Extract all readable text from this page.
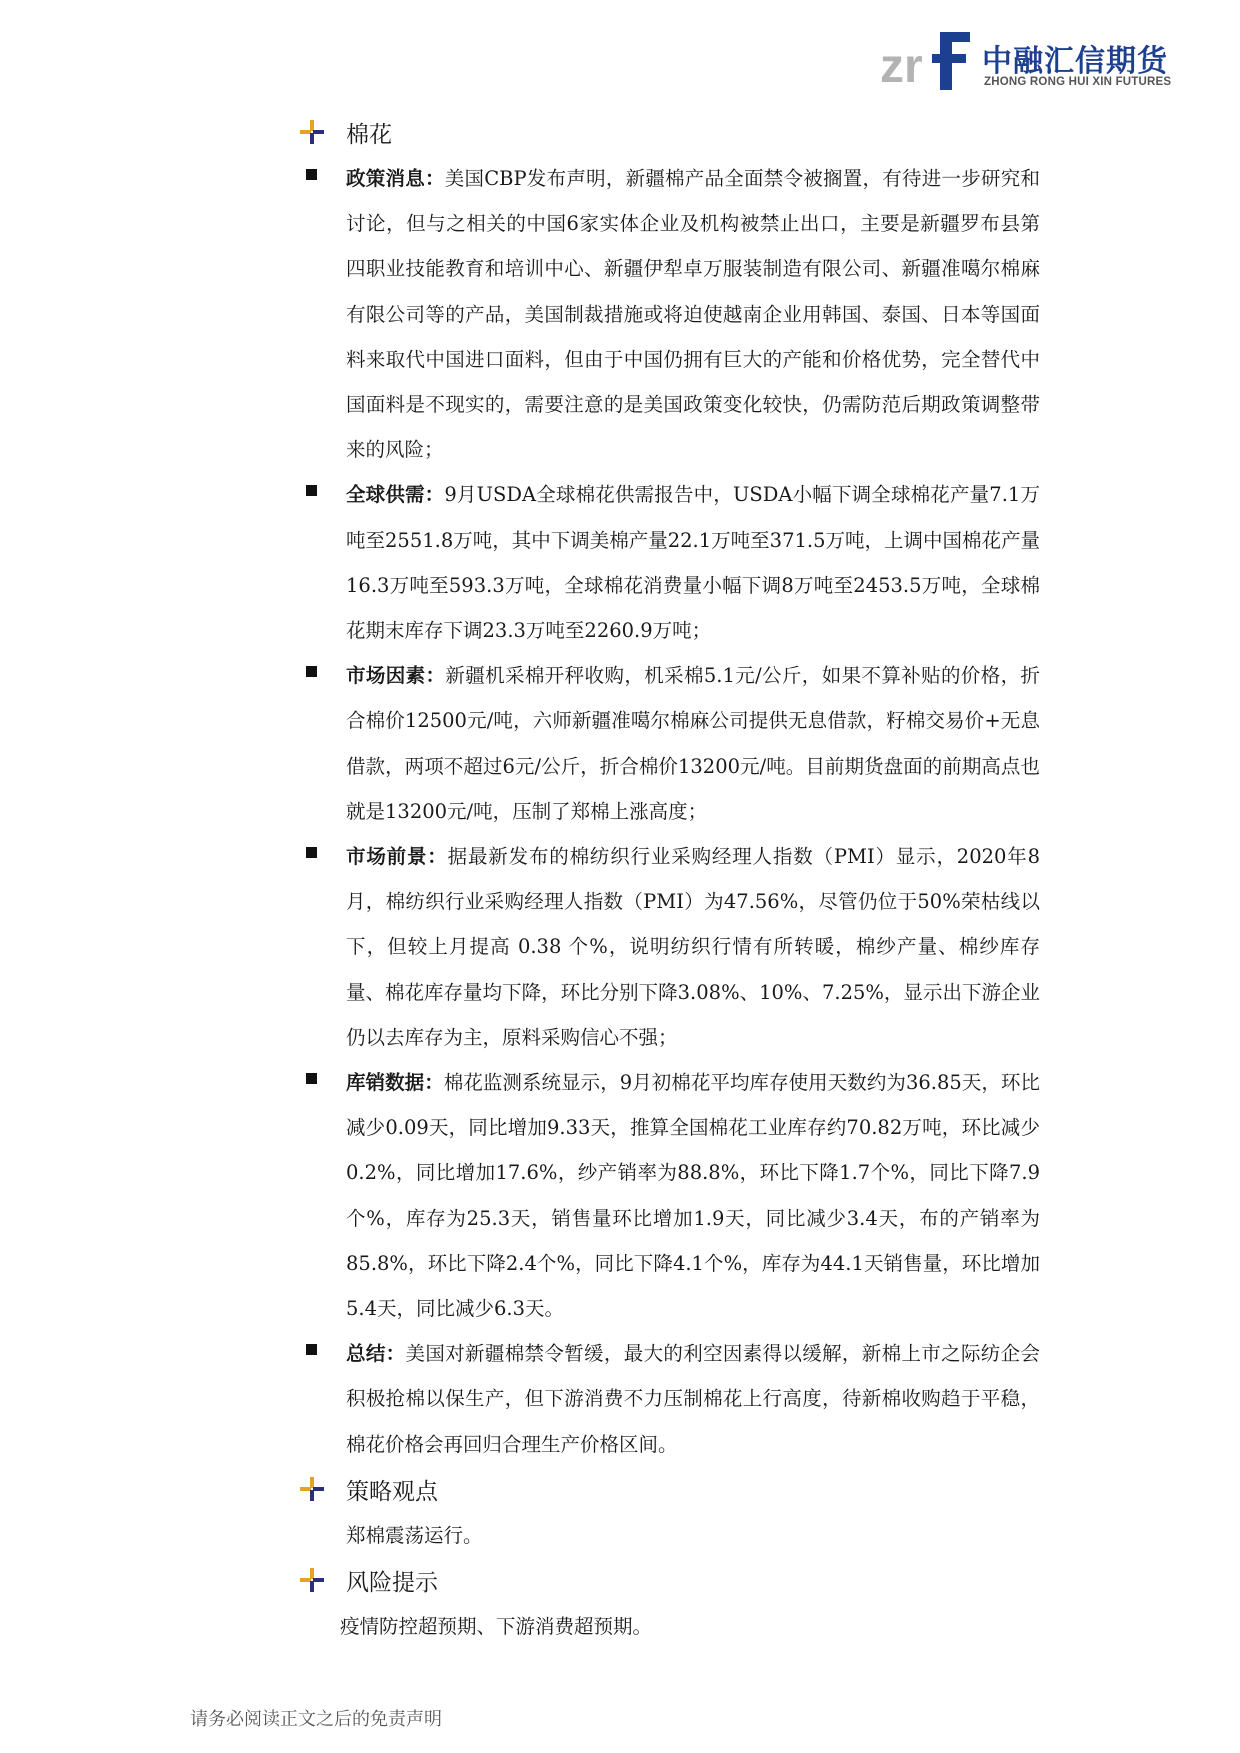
zr 中融汇信期货
ZHONG RONG HUI XIN FUTURES
棉花

政策消息：美国CBP发布声明，新疆棉产品全面禁令被搁置，有待进一步研究和讨论，但与之相关的中国6家实体企业及机构被禁止出口，主要是新疆罗布县第四职业技能教育和培训中心、新疆伊犁卓万服装制造有限公司、新疆准噶尔棉麻有限公司等的产品，美国制裁措施或将迫使越南企业用韩国、泰国、日本等国面料来取代中国进口面料，但由于中国仍拥有巨大的产能和价格优势，完全替代中国面料是不现实的，需要注意的是美国政策变化较快，仍需防范后期政策调整带来的风险；

全球供需：9月USDA全球棉花供需报告中，USDA小幅下调全球棉花产量7.1万吨至2551.8万吨，其中下调美棉产量22.1万吨至371.5万吨，上调中国棉花产量16.3万吨至593.3万吨，全球棉花消费量小幅下调8万吨至2453.5万吨，全球棉花期末库存下调23.3万吨至2260.9万吨；

市场因素：新疆机采棉开秤收购，机采棉5.1元/公斤，如果不算补贴的价格，折合棉价12500元/吨，六师新疆准噶尔棉麻公司提供无息借款，籽棉交易价+无息借款，两项不超过6元/公斤，折合棉价13200元/吨。目前期货盘面的前期高点也就是13200元/吨，压制了郑棉上涨高度；

市场前景：据最新发布的棉纺织行业采购经理人指数（PMI）显示，2020年8月，棉纺织行业采购经理人指数（PMI）为47.56%，尽管仍位于50%荣枯线以下，但较上月提高 0.38 个%，说明纺织行情有所转暖，棉纱产量、棉纱库存量、棉花库存量均下降，环比分别下降3.08%、10%、7.25%，显示出下游企业仍以去库存为主，原料采购信心不强；

库销数据：棉花监测系统显示，9月初棉花平均库存使用天数约为36.85天，环比减少0.09天，同比增加9.33天，推算全国棉花工业库存约70.82万吨，环比减少0.2%，同比增加17.6%，纱产销率为88.8%，环比下降1.7个%，同比下降7.9个%，库存为25.3天，销售量环比增加1.9天，同比减少3.4天，布的产销率为85.8%，环比下降2.4个%，同比下降4.1个%，库存为44.1天销售量，环比增加5.4天，同比减少6.3天。

总结：美国对新疆棉禁令暂缓，最大的利空因素得以缓解，新棉上市之际纺企会积极抢棉以保生产，但下游消费不力压制棉花上行高度，待新棉收购趋于平稳，棉花价格会再回归合理生产价格区间。

策略观点

郑棉震荡运行。

风险提示

疫情防控超预期、下游消费超预期。

请务必阅读正文之后的免责声明
